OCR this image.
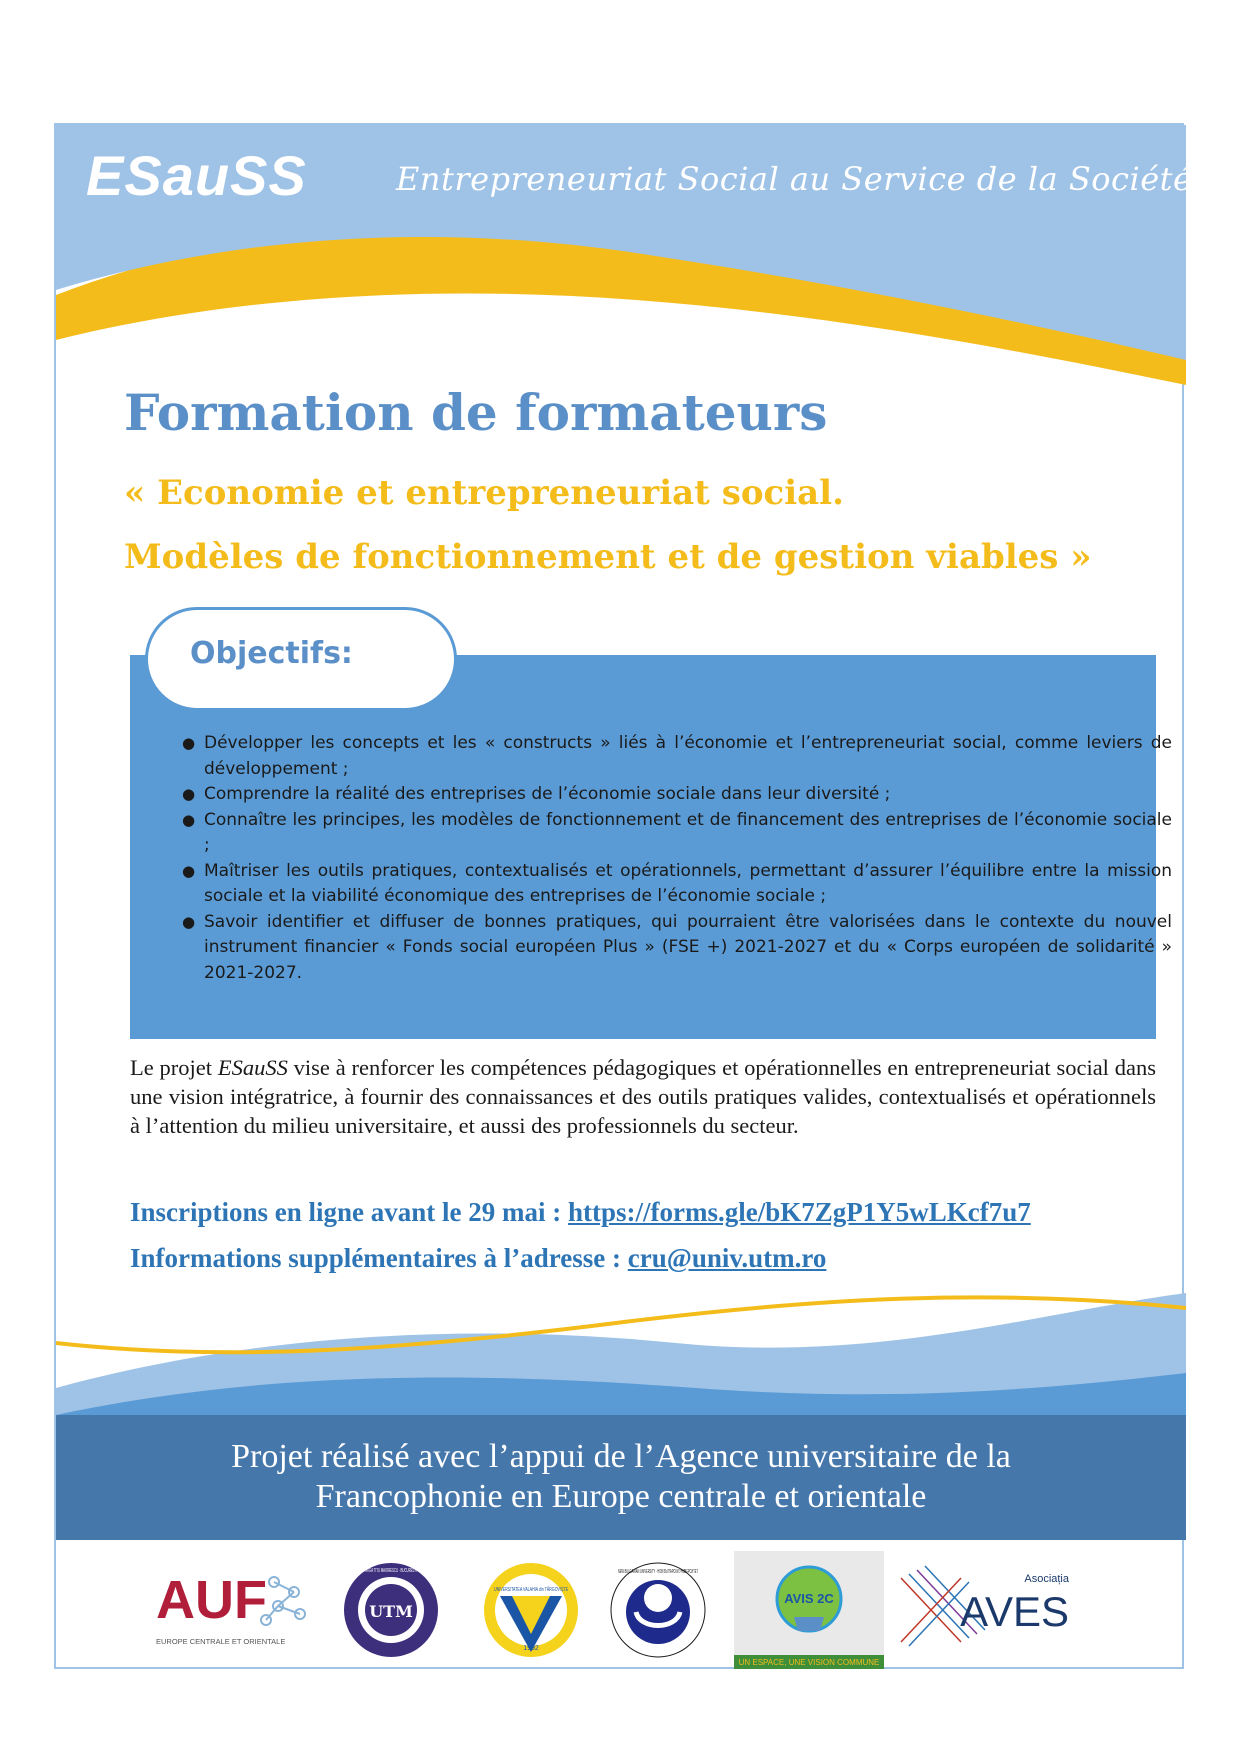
ESauSS	Entrepreneuriat Social au Service de la Société
Formation de formateurs
« Economie et entrepreneuriat social.
Modèles de fonctionnement et de gestion viables »
Objectifs:
● Développer les concepts et les « constructs » liés à l’économie et l’entrepreneuriat social, comme leviers de développement ;
● Comprendre la réalité des entreprises de l’économie sociale dans leur diversité ;
● Connaître les principes, les modèles de fonctionnement et de financement des entreprises de l’économie sociale ;
● Maîtriser les outils pratiques, contextualisés et opérationnels, permettant d’assurer l’équilibre entre la mission sociale et la viabilité économique des entreprises de l’économie sociale ;
● Savoir identifier et diffuser de bonnes pratiques, qui pourraient être valorisées dans le contexte du nouvel instrument financier « Fonds social européen Plus » (FSE +) 2021-2027 et du « Corps européen de solidarité » 2021-2027.

Le projet ESauSS vise à renforcer les compétences pédagogiques et opérationnelles en entrepreneuriat social dans une vision intégratrice, à fournir des connaissances et des outils pratiques valides, contextualisés et opérationnels à l’attention du milieu universitaire, et aussi des professionnels du secteur.

Inscriptions en ligne avant le 29 mai : https://forms.gle/bK7ZgP1Y5wLKcf7u7
Informations supplémentaires à l’adresse : cru@univ.utm.ro
Projet réalisé avec l’appui de l’Agence universitaire de la
Francophonie en Europe centrale et orientale
AUF
EUROPE CENTRALE ET ORIENTALE
UTM
UNIVERSITATEA TITU MAIORESCU · BUCURESTI ROMANIA
UNIVERSITATEA VALAHIA din TÂRGOVIȘTE
1992
NEW BULGARIAN UNIVERSITY · НОВ БЪЛГАРСКИ УНИВЕРСИТЕТ
AVIS 2C
UN ESPACE, UNE VISION COMMUNE
Asociația
AVES
